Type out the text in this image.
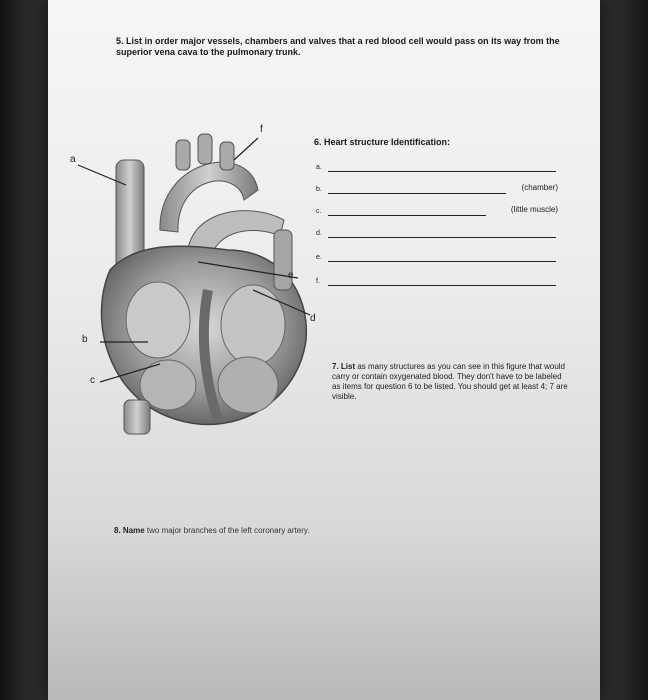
5. List in order major vessels, chambers and valves that a red blood cell would pass on its way from the superior vena cava to the pulmonary trunk.
a
b
c
d
e
f
6. Heart structure Identification:
a.
b.	(chamber)
c.	(little muscle)
d.
e.
f.
7. List as many structures as you can see in this figure that would carry or contain oxygenated blood. They don't have to be labeled as items for question 6 to be listed. You should get at least 4; 7 are visible.
8. Name two major branches of the left coronary artery.
